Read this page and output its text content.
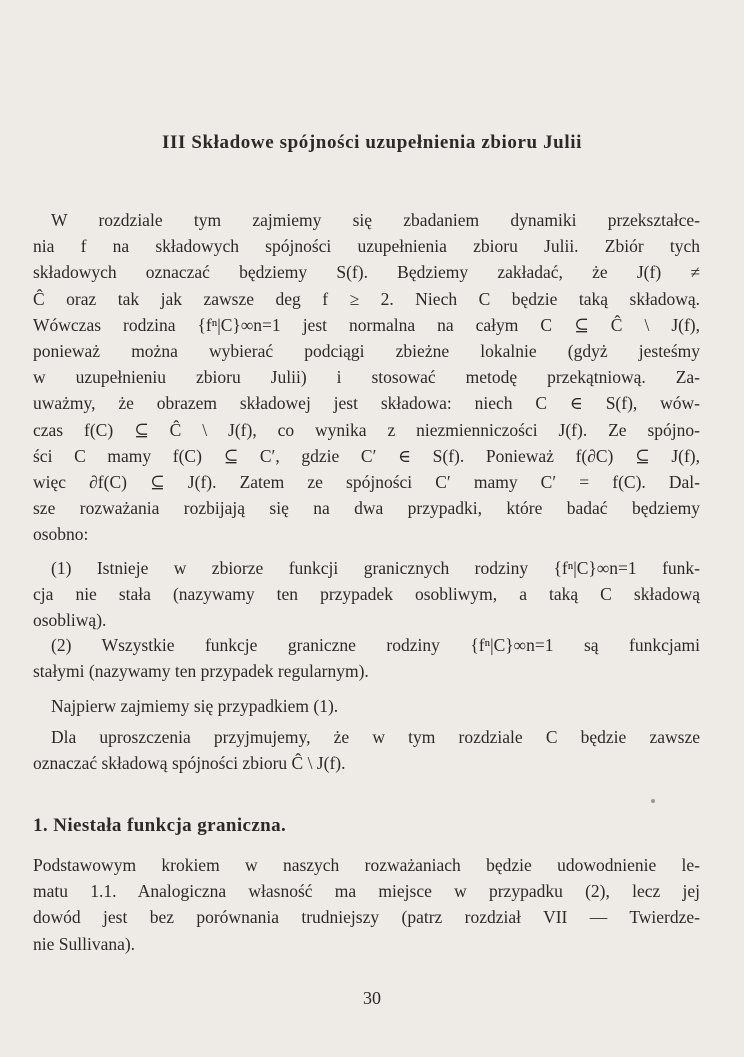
III Składowe spójności uzupełnienia zbioru Julii
W rozdziale tym zajmiemy się zbadaniem dynamiki przekształce-
nia f na składowych spójności uzupełnienia zbioru Julii. Zbiór tych
składowych oznaczać będziemy S(f). Będziemy zakładać, że J(f) ≠
Ĉ oraz tak jak zawsze deg f ≥ 2. Niech C będzie taką składową.
Wówczas rodzina {fⁿ|C}∞n=1 jest normalna na całym C ⊆ Ĉ \ J(f),
ponieważ można wybierać podciągi zbieżne lokalnie (gdyż jesteśmy
w uzupełnieniu zbioru Julii) i stosować metodę przekątniową. Za-
uważmy, że obrazem składowej jest składowa: niech C ∈ S(f), wów-
czas f(C) ⊆ Ĉ \ J(f), co wynika z niezmienniczości J(f). Ze spójno-
ści C mamy f(C) ⊆ C′, gdzie C′ ∈ S(f). Ponieważ f(∂C) ⊆ J(f),
więc ∂f(C) ⊆ J(f). Zatem ze spójności C′ mamy C′ = f(C). Dal-
sze rozważania rozbijają się na dwa przypadki, które badać będziemy
osobno:
(1) Istnieje w zbiorze funkcji granicznych rodziny {fⁿ|C}∞n=1 funk-
cja nie stała (nazywamy ten przypadek osobliwym, a taką C składową
osobliwą).
(2) Wszystkie funkcje graniczne rodziny {fⁿ|C}∞n=1 są funkcjami
stałymi (nazywamy ten przypadek regularnym).
Najpierw zajmiemy się przypadkiem (1).
Dla uproszczenia przyjmujemy, że w tym rozdziale C będzie zawsze
oznaczać składową spójności zbioru Ĉ \ J(f).
1. Niestała funkcja graniczna.
Podstawowym krokiem w naszych rozważaniach będzie udowodnienie le-
matu 1.1. Analogiczna własność ma miejsce w przypadku (2), lecz jej
dowód jest bez porównania trudniejszy (patrz rozdział VII — Twierdze-
nie Sullivana).
30
